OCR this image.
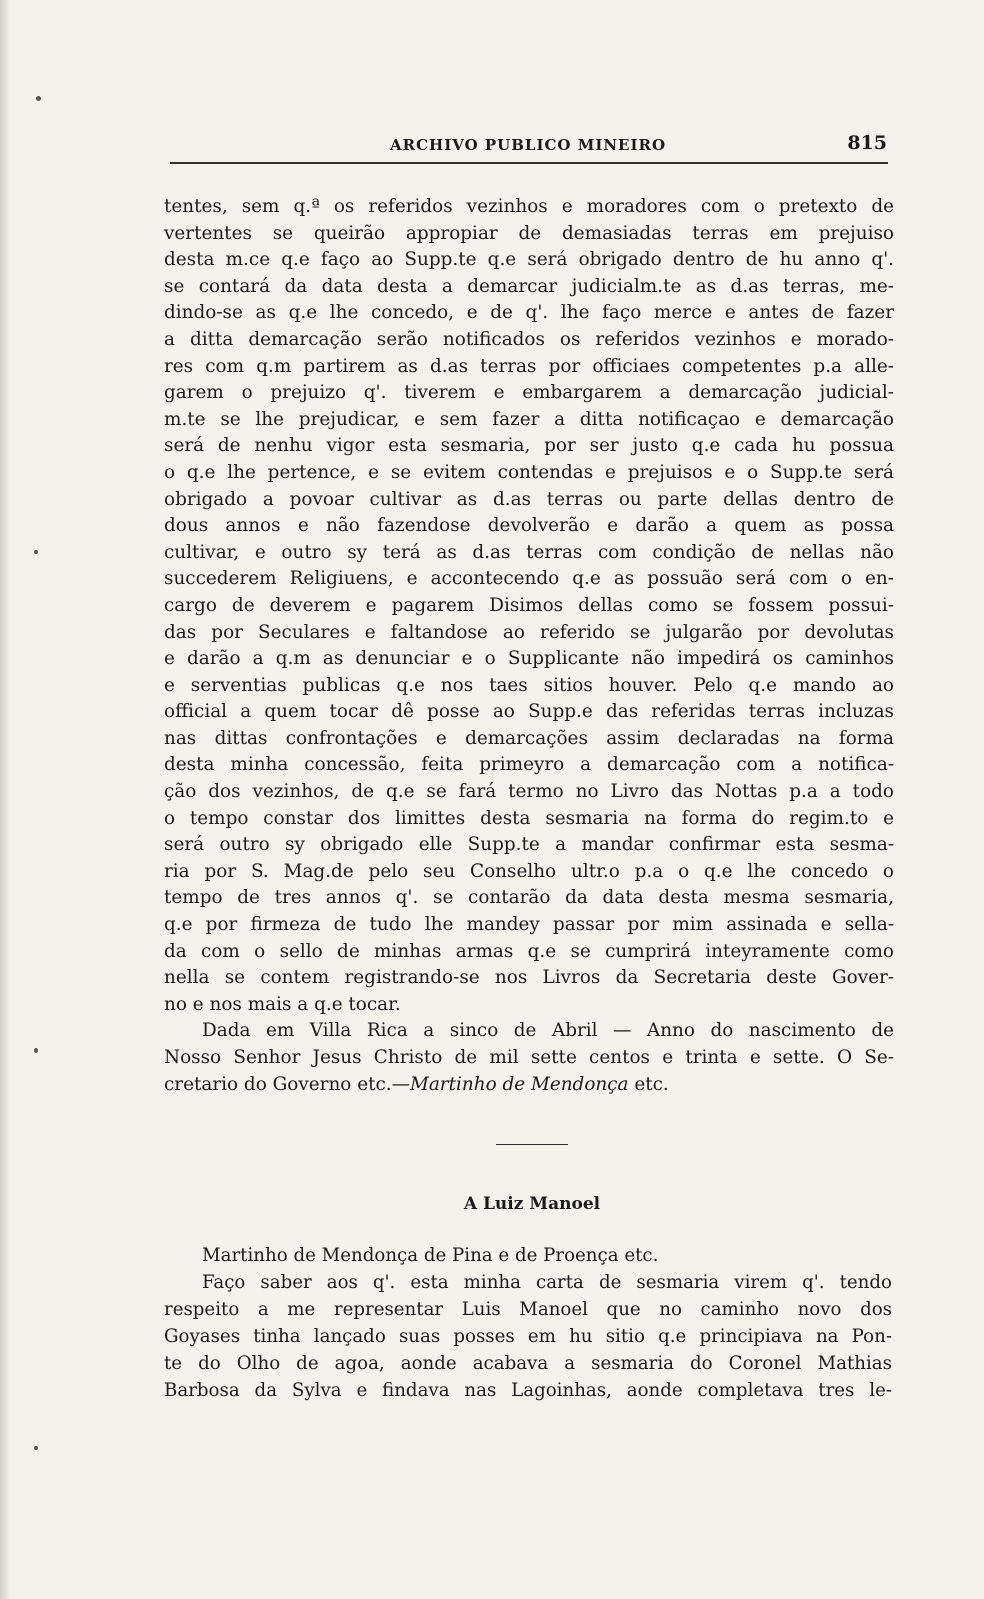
ARCHIVO PUBLICO MINEIRO	815
tentes, sem q.ª os referidos vezinhos e moradores com o pretexto de
vertentes se queirão appropiar de demasiadas terras em prejuiso
desta m.ce q.e faço ao Supp.te q.e será obrigado dentro de hu anno q'.
se contará da data desta a demarcar judicialm.te as d.as terras, me-
dindo-se as q.e lhe concedo, e de q'. lhe faço merce e antes de fazer
a ditta demarcação serão notificados os referidos vezinhos e morado-
res com q.m partirem as d.as terras por officiaes competentes p.a alle-
garem o prejuizo q'. tiverem e embargarem a demarcação judicial-
m.te se lhe prejudicar, e sem fazer a ditta notificaçao e demarcação
será de nenhu vigor esta sesmaria, por ser justo q.e cada hu possua
o q.e lhe pertence, e se evitem contendas e prejuisos e o Supp.te será
obrigado a povoar cultivar as d.as terras ou parte dellas dentro de
dous annos e não fazendose devolverão e darão a quem as possa
cultivar, e outro sy terá as d.as terras com condição de nellas não
succederem Religiuens, e accontecendo q.e as possuão será com o en-
cargo de deverem e pagarem Disimos dellas como se fossem possui-
das por Seculares e faltandose ao referido se julgarão por devolutas
e darão a q.m as denunciar e o Supplicante não impedirá os caminhos
e serventias publicas q.e nos taes sitios houver. Pelo q.e mando ao
official a quem tocar dê posse ao Supp.e das referidas terras incluzas
nas dittas confrontações e demarcações assim declaradas na forma
desta minha concessão, feita primeyro a demarcação com a notifica-
ção dos vezinhos, de q.e se fará termo no Livro das Nottas p.a a todo
o tempo constar dos limittes desta sesmaria na forma do regim.to e
será outro sy obrigado elle Supp.te a mandar confirmar esta sesma-
ria por S. Mag.de pelo seu Conselho ultr.o p.a o q.e lhe concedo o
tempo de tres annos q'. se contarão da data desta mesma sesmaria,
q.e por firmeza de tudo lhe mandey passar por mim assinada e sella-
da com o sello de minhas armas q.e se cumprirá inteyramente como
nella se contem registrando-se nos Livros da Secretaria deste Gover-
no e nos mais a q.e tocar.
Dada em Villa Rica a sinco de Abril — Anno do nascimento de
Nosso Senhor Jesus Christo de mil sette centos e trinta e sette. O Se-
cretario do Governo etc.—Martinho de Mendonça etc.
A Luiz Manoel
Martinho de Mendonça de Pina e de Proença etc.
Faço saber aos q'. esta minha carta de sesmaria virem q'. tendo
respeito a me representar Luis Manoel que no caminho novo dos
Goyases tinha lançado suas posses em hu sitio q.e principiava na Pon-
te do Olho de agoa, aonde acabava a sesmaria do Coronel Mathias
Barbosa da Sylva e findava nas Lagoinhas, aonde completava tres le-
